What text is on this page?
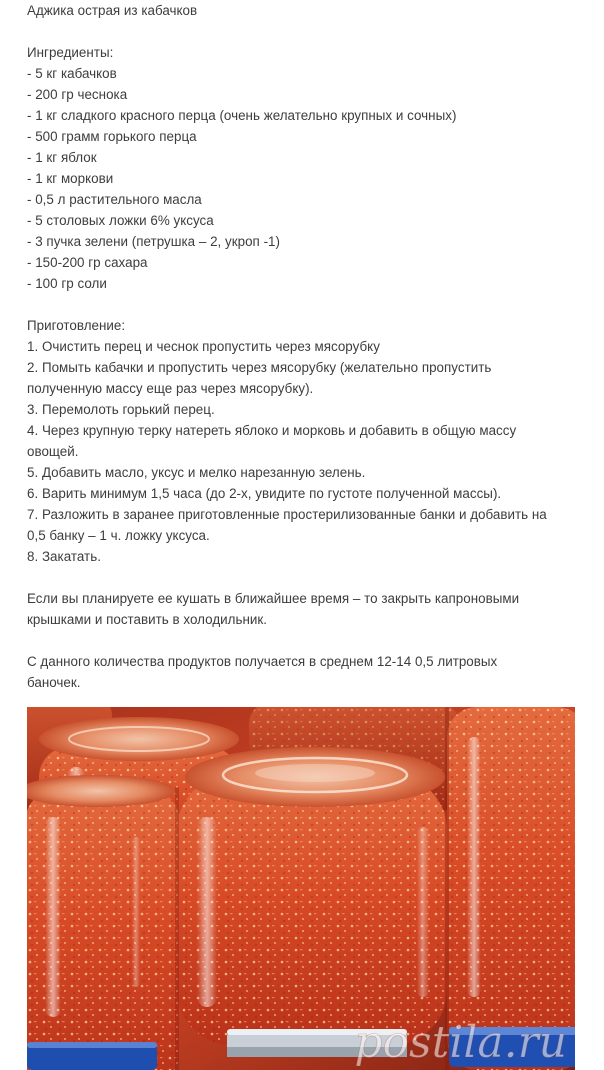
Аджика острая из кабачков
Ингредиенты:
- 5 кг кабачков
- 200 гр чеснока
- 1 кг сладкого красного перца (очень желательно крупных и сочных)
- 500 грамм горького перца
- 1 кг яблок
- 1 кг моркови
- 0,5 л растительного масла
- 5 столовых ложки 6% уксуса
- 3 пучка зелени (петрушка – 2, укроп -1)
- 150-200 гр сахара
- 100 гр соли
Приготовление:
1. Очистить перец и чеснок пропустить через мясорубку
2. Помыть кабачки и пропустить через мясорубку (желательно пропустить
полученную массу еще раз через мясорубку).
3. Перемолоть горький перец.
4. Через крупную терку натереть яблоко и морковь и добавить в общую массу
овощей.
5. Добавить масло, уксус и мелко нарезанную зелень.
6. Варить минимум 1,5 часа (до 2-х, увидите по густоте полученной массы).
7. Разложить в заранее приготовленные простерилизованные банки и добавить на
0,5 банку – 1 ч. ложку уксуса.
8. Закатать.
Если вы планируете ее кушать в ближайшее время – то закрыть капроновыми
крышками и поставить в холодильник.
С данного количества продуктов получается в среднем 12-14 0,5 литровых
баночек.
postila.ru
